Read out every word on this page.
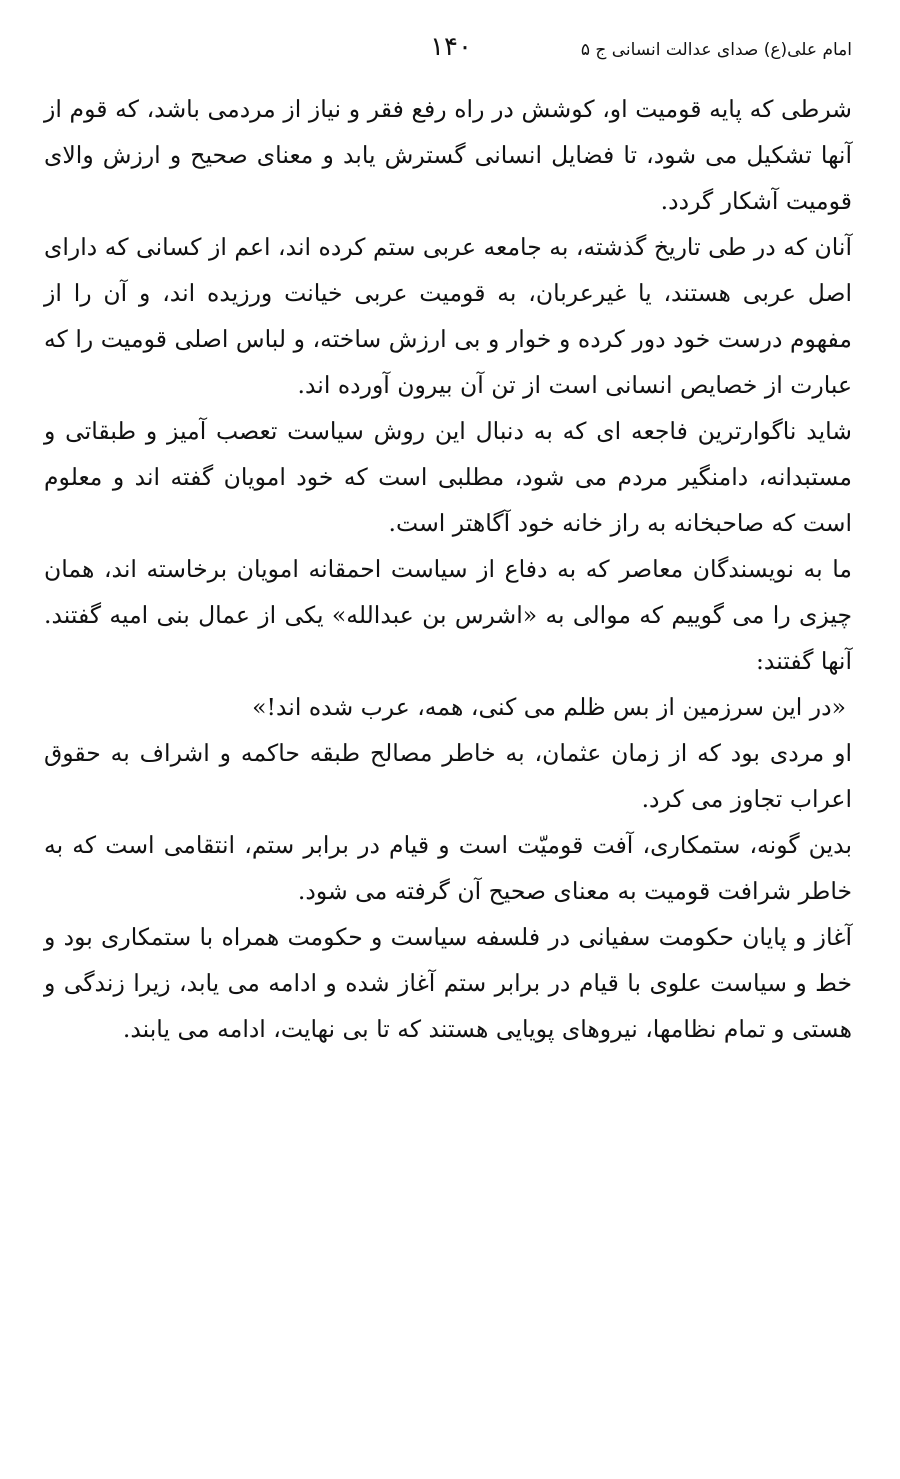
امام علی(ع) صدای عدالت انسانی ج ۵
۱۴۰

شرطی که پایه قومیت او، کوشش در راه رفع فقر و نیاز از مردمی باشد، که قوم از آنها تشکیل می شود، تا فضایل انسانی گسترش یابد و معنای صحیح و ارزش والای قومیت آشکار گردد.

آنان که در طی تاریخ گذشته، به جامعه عربی ستم کرده اند، اعم از کسانی که دارای اصل عربی هستند، یا غیرعربان، به قومیت عربی خیانت ورزیده اند، و آن را از مفهوم درست خود دور کرده و خوار و بی ارزش ساخته، و لباس اصلی قومیت را که عبارت از خصایص انسانی است از تن آن بیرون آورده اند.

شاید ناگوارترین فاجعه ای که به دنبال این روش سیاست تعصب آمیز و طبقاتی و مستبدانه، دامنگیر مردم می شود، مطلبی است که خود امویان گفته اند و معلوم است که صاحبخانه به راز خانه خود آگاهتر است.

ما به نویسندگان معاصر که به دفاع از سیاست احمقانه امویان برخاسته اند، همان چیزی را می گوییم که موالی به «اشرس بن عبدالله» یکی از عمال بنی امیه گفتند. آنها گفتند:

«در این سرزمین از بس ظلم می کنی، همه، عرب شده اند!»

او مردی بود که از زمان عثمان، به خاطر مصالح طبقه حاکمه و اشراف به حقوق اعراب تجاوز می کرد.

بدین گونه، ستمکاری، آفت قومیّت است و قیام در برابر ستم، انتقامی است که به خاطر شرافت قومیت به معنای صحیح آن گرفته می شود.

آغاز و پایان حکومت سفیانی در فلسفه سیاست و حکومت همراه با ستمکاری بود و خط و سیاست علوی با قیام در برابر ستم آغاز شده و ادامه می یابد، زیرا زندگی و هستی و تمام نظامها، نیروهای پویایی هستند که تا بی نهایت، ادامه می یابند.
